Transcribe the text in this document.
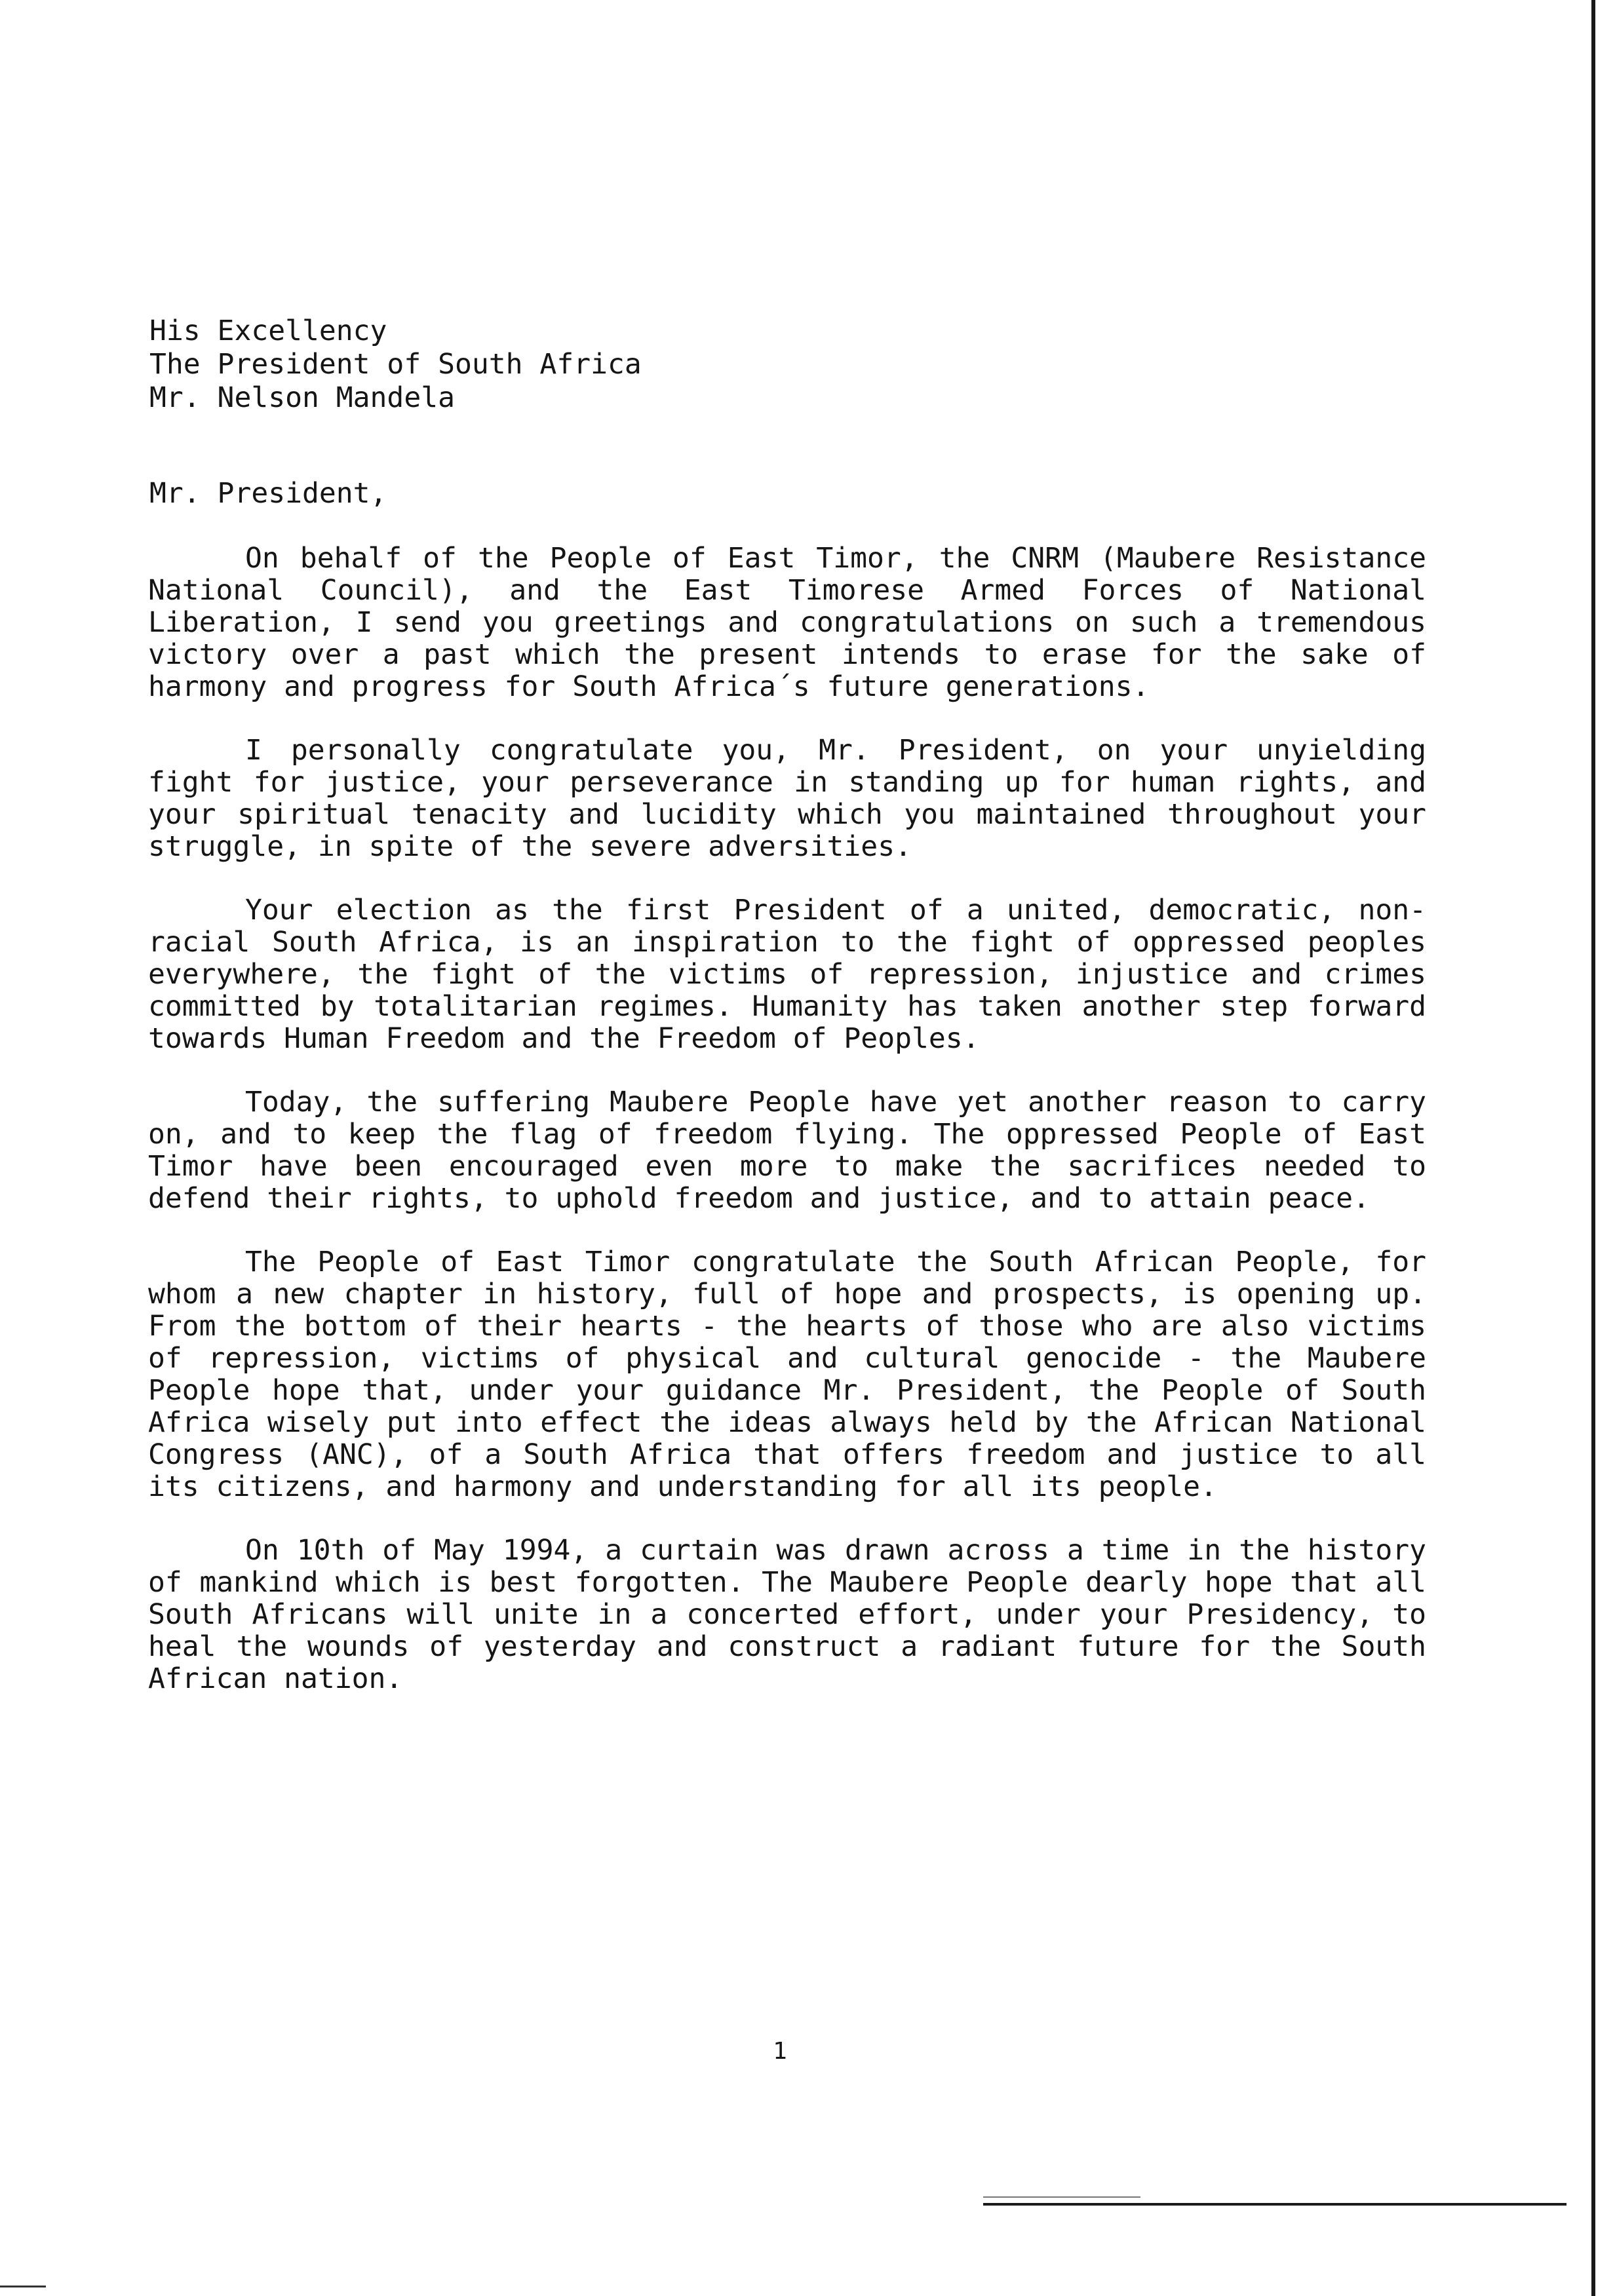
His Excellency
The President of South Africa
Mr. Nelson Mandela
Mr. President,

On behalf of the People of East Timor, the CNRM (Maubere Resistance National Council), and the East Timorese Armed Forces of National Liberation, I send you greetings and congratulations on such a tremendous victory over a past which the present intends to erase for the sake of harmony and progress for South Africa´s future generations.

I personally congratulate you, Mr. President, on your unyielding fight for justice, your perseverance in standing up for human rights, and your spiritual tenacity and lucidity which you maintained throughout your struggle, in spite of the severe adversities.

Your election as the first President of a united, democratic, non-racial South Africa, is an inspiration to the fight of oppressed peoples everywhere, the fight of the victims of repression, injustice and crimes committed by totalitarian regimes. Humanity has taken another step forward towards Human Freedom and the Freedom of Peoples.

Today, the suffering Maubere People have yet another reason to carry on, and to keep the flag of freedom flying. The oppressed People of East Timor have been encouraged even more to make the sacrifices needed to defend their rights, to uphold freedom and justice, and to attain peace.

The People of East Timor congratulate the South African People, for whom a new chapter in history, full of hope and prospects, is opening up. From the bottom of their hearts - the hearts of those who are also victims of repression, victims of physical and cultural genocide - the Maubere People hope that, under your guidance Mr. President, the People of South Africa wisely put into effect the ideas always held by the African National Congress (ANC), of a South Africa that offers freedom and justice to all its citizens, and harmony and understanding for all its people.

On 10th of May 1994, a curtain was drawn across a time in the history of mankind which is best forgotten. The Maubere People dearly hope that all South Africans will unite in a concerted effort, under your Presidency, to heal the wounds of yesterday and construct a radiant future for the South African nation.

1
